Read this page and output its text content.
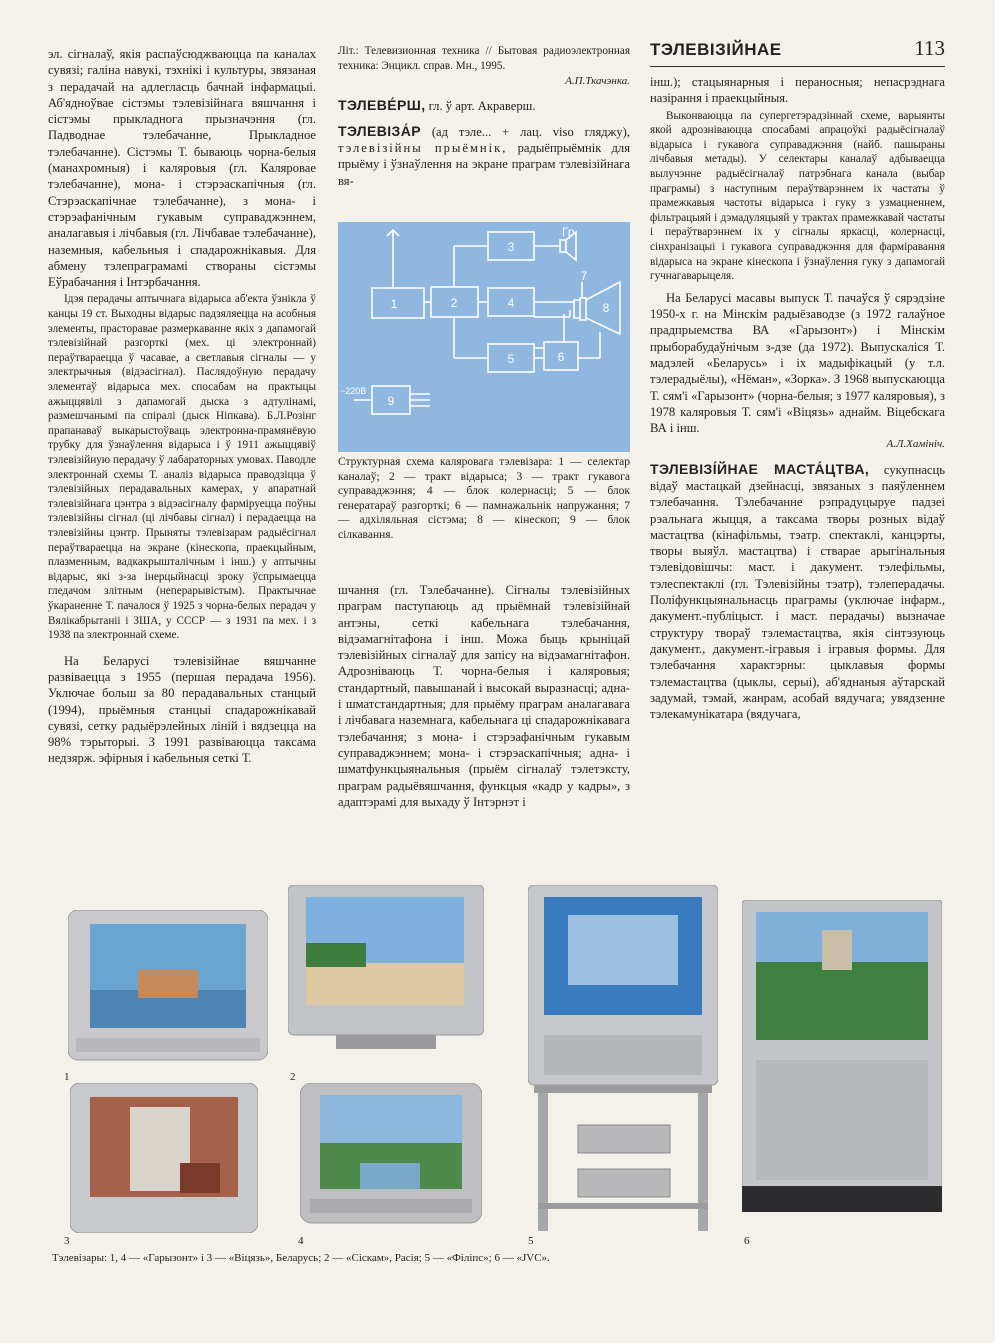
ТЭЛЕВІЗІЙНАЕ	113

эл. сігналаў, якія распаўсюджваюцца па каналах сувязі; галіна навукі, тэхнікі і культуры, звязаная з перадачай на адлегласць бачнай інфармацыі. Аб'ядноўвае сістэмы тэлевізійнага вяшчання і сістэмы прыкладнога прызначэння (гл. Падводнае тэлебачанне, Прыкладное тэлебачанне). Сістэмы Т. бываюць чорна-белыя (манахромныя) і каляровыя (гл. Каляровае тэлебачанне), мона- і стэрэаскапічныя (гл. Стэрэаскапічнае тэлебачанне), з мона- і стэрэафанічным гукавым суправаджэннем, аналагавыя і лічбавыя (гл. Лічбавае тэлебачанне), наземныя, кабельныя і спадарожнікавыя. Для абмену тэлепраграмамі створаны сістэмы Еўрабачання і Інтэрбачання.

Ідэя перадачы аптычнага відарыса аб'екта ўзнікла ў канцы 19 ст. Выходны відарыс падзяляецца на асобныя элементы, прасторавае размеркаванне якіх з дапамогай тэлевізійнай разгорткі (мех. ці электроннай) пераўтвараецца ў часавае, а светлавыя сігналы — у электрычныя (відэасігнал). Паслядоўную перадачу элементаў відарыса мех. спосабам на практыцы ажыццявілі з дапамогай дыска з адтулінамі, размешчанымі па спіралі (дыск Ніпкава). Б.Л.Розінг прапанаваў выкарыстоўваць электронна-прамянёвую трубку для ўзнаўлення відарыса і ў 1911 ажыццявіў тэлевізійную перадачу ў лабараторных умовах. Паводле электроннай схемы Т. аналіз відарыса праводзіцца ў тэлевізійных перадавальных камерах, у апаратнай тэлевізійнага цэнтра з відэасігналу фарміруецца поўны тэлевізійны сігнал (ці лічбавы сігнал) і перадаецца на тэлевізійны цэнтр. Прыняты тэлевізарам радыёсігнал пераўтвараецца на экране (кінескопа, праекцыйным, плазменным, вадкакрышталічным і інш.) у аптычны відарыс, які з-за інерцыйнасці зроку ўспрымаецца гледачом злітным (неперарывістым). Практычнае ўкараненне Т. пачалося ў 1925 з чорна-белых перадач у Вялікабрытаніі і ЗША, у СССР — з 1931 па мех. і з 1938 па электроннай схеме.

На Беларусі тэлевізійнае вяшчанне развіваецца з 1955 (першая перадача 1956). Уключае больш за 80 перадавальных станцый (1994), прыёмныя станцыі спадарожнікавай сувязі, сетку радыёрэлейных ліній і вядзецца на 98% тэрыторыі. З 1991 развіваюцца таксама недзярж. эфірныя і кабельныя сеткі Т.

Літ.: Телевизионная техника // Бытовая радиоэлектронная техника: Энцикл. справ. Мн., 1995.

А.П.Ткачэнка.

ТЭЛЕВЕ́РШ, гл. ў арт. Акраверш.

ТЭЛЕВІЗА́Р (ад тэле... + лац. viso гляджу), тэлевізійны прыёмнік, радыёпрыёмнік для прыёму і ўзнаўлення на экране праграм тэлевізійнага вя-

1	2
3
4
5	6
7
8
9
Гр
~220В
Структурная схема каляровага тэлевізара: 1 — селектар каналаў; 2 — тракт відарыса; 3 — тракт гукавога суправаджэння; 4 — блок колернасці; 5 — блок генератараў разгорткі; 6 — памнажальнік напружання; 7 — адхіляльная сістэма; 8 — кінескоп; 9 — блок сілкавання.

шчання (гл. Тэлебачанне). Сігналы тэлевізійных праграм паступаюць ад прыёмнай тэлевізійнай антэны, сеткі кабельнага тэлебачання, відэамагнітафона і інш. Можа быць крыніцай тэлевізійных сігналаў для запісу на відэамагнітафон. Адрозніваюць Т. чорна-белыя і каляровыя; стандартный, павышанай і высокай выразнасці; адна- і шматстандартныя; для прыёму праграм аналагавага і лічбавага наземнага, кабельнага ці спадарожнікавага тэлебачання; з мона- і стэрэафанічным гукавым суправаджэннем; мона- і стэрэаскапічныя; адна- і шматфункцыянальныя (прыём сігналаў тэлетэксту, праграм радыёвяшчання, функцыя «кадр у кадры», з адаптэрамі для выхаду ў Інтэрнэт і

інш.); стацыянарныя і пераносныя; непасрэднага назірання і праекцыйныя.

Выконваюцца па супергетэрадзіннай схеме, варыянты якой адрозніваюцца спосабамі апрацоўкі радыёсігналаў відарыса і гукавога суправаджэння (найб. пашыраны лічбавыя метады). У селектары каналаў адбываецца вылучэнне радыёсігналаў патрэбнага канала (выбар праграмы) з наступным пераўтварэннем іх частаты ў прамежкавыя частоты відарыса і гуку з узмацненнем, фільтрацыяй і дэмадуляцыяй у трактах прамежкавай частаты і пераўтварэннем іх у сігналы яркасці, колернасці, сінхранізацыі і гукавога суправаджэння для фарміравання відарыса на экране кінескопа і ўзнаўлення гуку з дапамогай гучнагаварыцеля.

На Беларусі масавы выпуск Т. пачаўся ў сярэдзіне 1950-х г. на Мінскім радыёзаводзе (з 1972 галаўное прадпрыемства ВА «Гарызонт») і Мінскім прыборабудаўнічым з-дзе (да 1972). Выпускаліся Т. мадэлей «Беларусь» і іх мадыфікацый (у т.л. тэлерадыёлы), «Нёман», «Зорка». З 1968 выпускаюцца Т. сям'і «Гарызонт» (чорна-белыя; з 1977 каляровыя), з 1978 каляровыя Т. сям'і «Віцязь» аднайм. Віцебскага ВА і інш.

А.Л.Хамініч.

ТЭЛЕВІЗІ́ЙНАЕ МАСТА́ЦТВА, сукупнасць відаў мастацкай дзейнасці, звязаных з паяўленнем тэлебачання. Тэлебачанне рэпрадуцыруе падзеі рэальнага жыцця, а таксама творы розных відаў мастацтва (кінафільмы, тэатр. спектаклі, канцэрты, творы выяўл. мастацтва) і стварае арыгінальныя тэлевідовішчы: маст. і дакумент. тэлефільмы, тэлеспектаклі (гл. Тэлевізійны тэатр), тэлеперадачы. Поліфункцыянальнасць праграмы (уключае інфарм., дакумент.-публіцыст. і маст. перадачы) вызначае структуру твораў тэлемастацтва, якія сінтэзуюць дакумент., дакумент.-ігравыя і ігравыя формы. Для тэлебачання характэрны: цыклавыя формы тэлемастацтва (цыклы, серыі), аб'яднаныя аўтарскай задумай, тэмай, жанрам, асобай вядучага; увядзенне тэлекамунікатара (вядучага,

1	2
3	4	5	6
Тэлевізары: 1, 4 — «Гарызонт» і 3 — «Віцязь», Беларусь; 2 — «Сіскам», Расія; 5 — «Філіпс»; 6 — «JVC».
